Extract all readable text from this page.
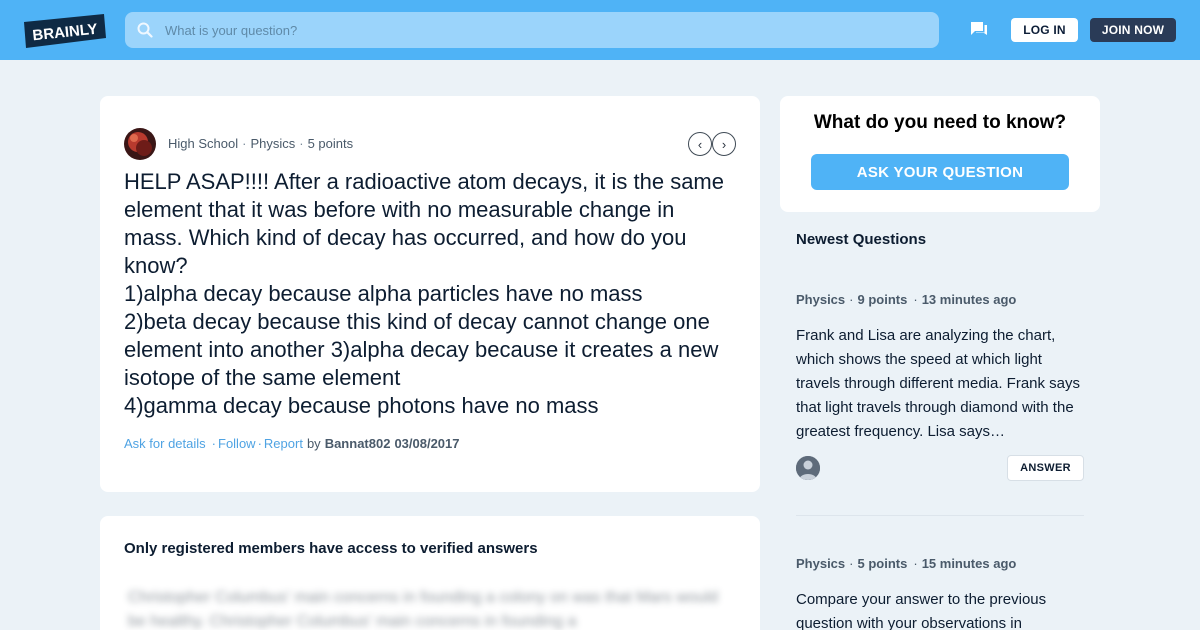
BRAINLY
What is your question?	LOG IN	JOIN NOW
High School · Physics · 5 points	‹ ›
HELP ASAP!!!! After a radioactive atom decays, it is the same element that it was before with no measurable change in mass. Which kind of decay has occurred, and how do you know?
1)alpha decay because alpha particles have no mass
2)beta decay because this kind of decay cannot change one element into another 3)alpha decay because it creates a new isotope of the same element
4)gamma decay because photons have no mass
Ask for details · Follow · Report by Bannat802 03/08/2017
Only registered members have access to verified answers
Christopher Columbus' main concerns in founding a colony on was that Mars would be healthy. Christopher Columbus' main concerns in founding a
What do you need to know?
ASK YOUR QUESTION
Newest Questions
Physics · 9 points · 13 minutes ago
Frank and Lisa are analyzing the chart, which shows the speed at which light travels through different media. Frank says that light travels through diamond with the greatest frequency. Lisa says…
ANSWER
Physics · 5 points · 15 minutes ago
Compare your answer to the previous question with your observations in
